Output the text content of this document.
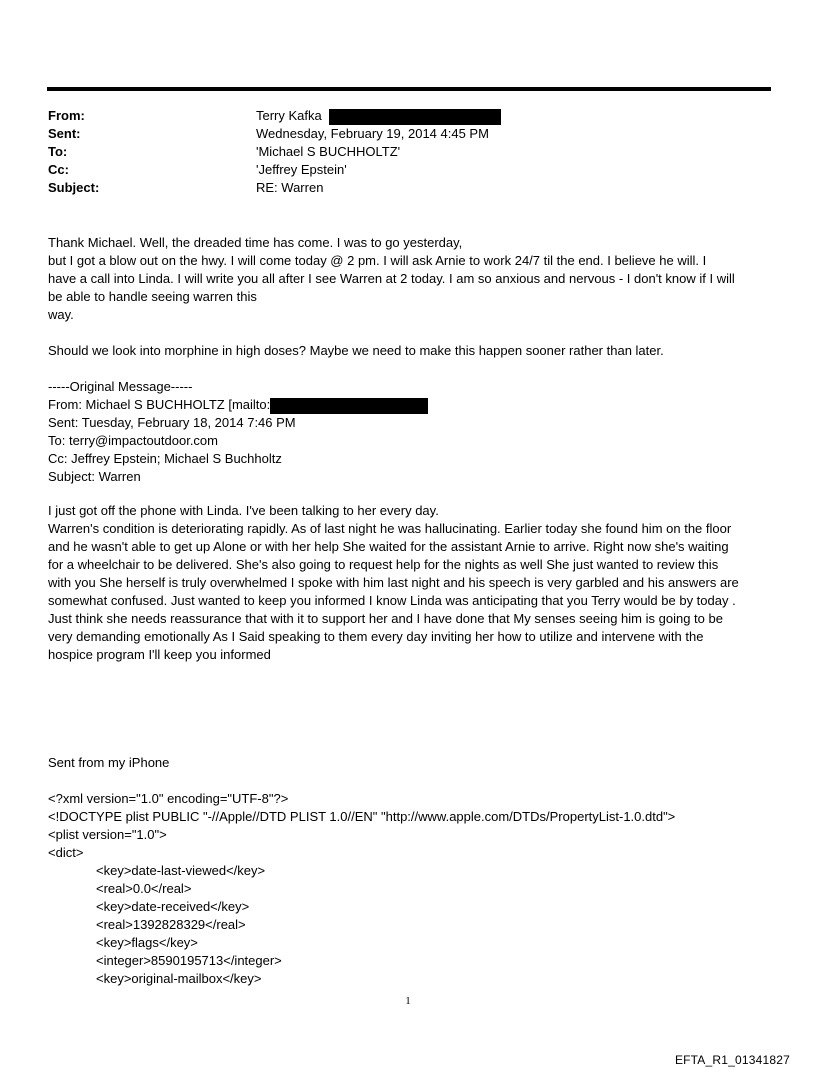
From:	Terry Kafka
Sent:	Wednesday, February 19, 2014 4:45 PM
To:	'Michael S BUCHHOLTZ'
Cc:	'Jeffrey Epstein'
Subject:	RE: Warren
Thank Michael. Well, the dreaded time has come. I was to go yesterday,
but I got a blow out on the hwy. I will come today @ 2 pm. I will ask Arnie to work 24/7 til the end. I believe he will. I
have a call into Linda. I will write you all after I see Warren at 2 today. I am so anxious and nervous - I don't know if I will
be able to handle seeing warren this
way.
Should we look into morphine in high doses? Maybe we need to make this happen sooner rather than later.
-----Original Message-----
From: Michael S BUCHHOLTZ [mailto:
Sent: Tuesday, February 18, 2014 7:46 PM
To: terry@impactoutdoor.com
Cc: Jeffrey Epstein; Michael S Buchholtz
Subject: Warren
I just got off the phone with Linda. I've been talking to her every day.
Warren's condition is deteriorating rapidly. As of last night he was hallucinating. Earlier today she found him on the floor
and he wasn't able to get up Alone or with her help She waited for the assistant Arnie to arrive. Right now she's waiting
for a wheelchair to be delivered. She's also going to request help for the nights as well She just wanted to review this
with you She herself is truly overwhelmed I spoke with him last night and his speech is very garbled and his answers are
somewhat confused. Just wanted to keep you informed I know Linda was anticipating that you Terry would be by today .
Just think she needs reassurance that with it to support her and I have done that My senses seeing him is going to be
very demanding emotionally As I Said speaking to them every day inviting her how to utilize and intervene with the
hospice program I'll keep you informed
Sent from my iPhone
<?xml version="1.0" encoding="UTF-8"?>
<!DOCTYPE plist PUBLIC "-//Apple//DTD PLIST 1.0//EN" "http://www.apple.com/DTDs/PropertyList-1.0.dtd">
<plist version="1.0">
<dict>
<key>date-last-viewed</key>
<real>0.0</real>
<key>date-received</key>
<real>1392828329</real>
<key>flags</key>
<integer>8590195713</integer>
<key>original-mailbox</key>
1
EFTA_R1_01341827
